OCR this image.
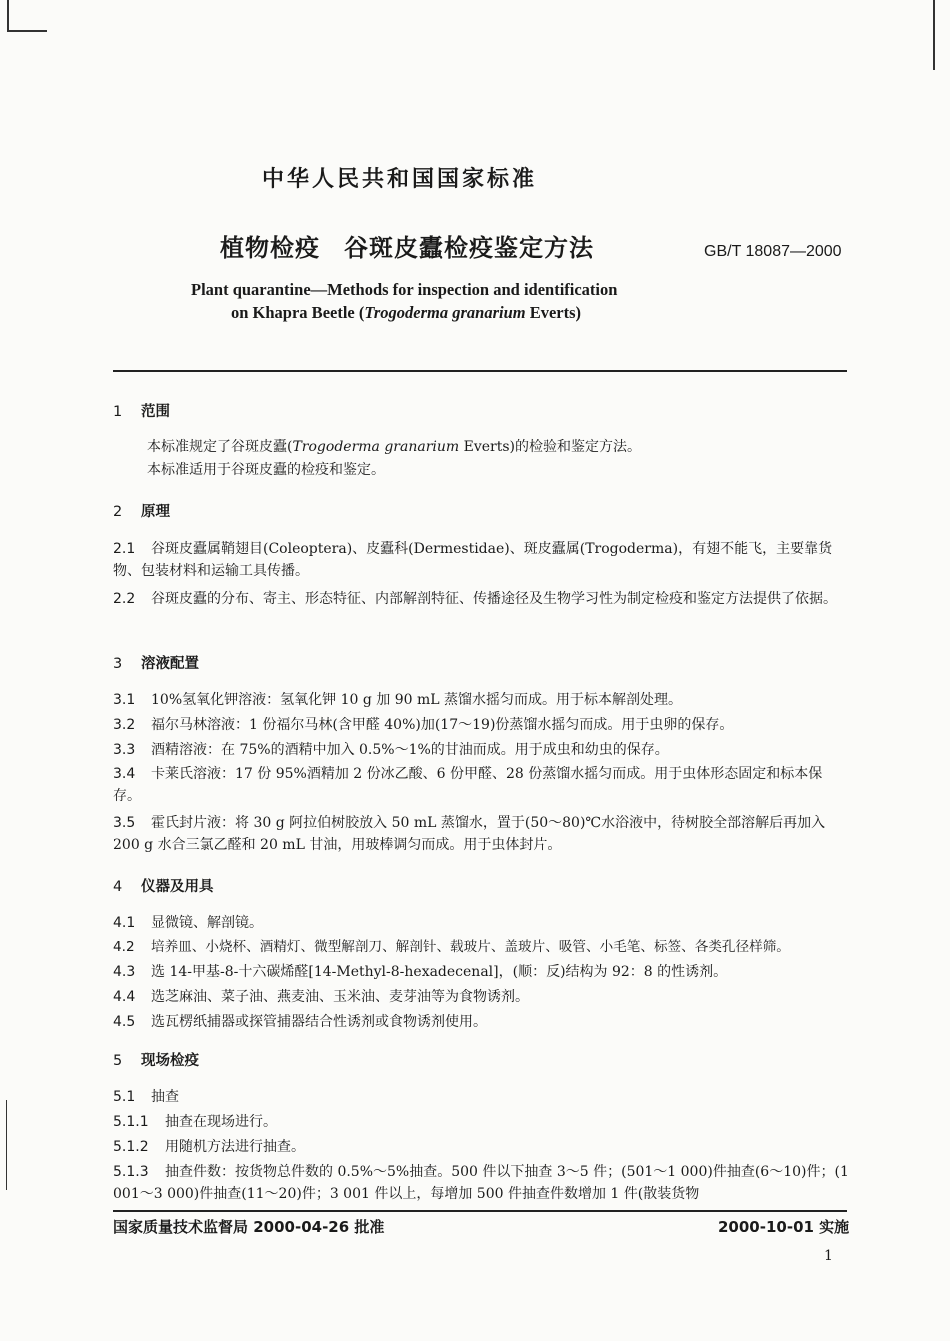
中华人民共和国国家标准
植物检疫 谷斑皮蠹检疫鉴定方法	GB/T 18087—2000
Plant quarantine—Methods for inspection and identification
on Khapra Beetle (Trogoderma granarium Everts)
1 范围
本标准规定了谷斑皮蠹(Trogoderma granarium Everts)的检验和鉴定方法。
本标准适用于谷斑皮蠹的检疫和鉴定。
2 原理
2.1 谷斑皮蠹属鞘翅目(Coleoptera)、皮蠹科(Dermestidae)、斑皮蠹属(Trogoderma)，有翅不能飞，主要靠货物、包装材料和运输工具传播。
2.2 谷斑皮蠹的分布、寄主、形态特征、内部解剖特征、传播途径及生物学习性为制定检疫和鉴定方法提供了依据。
3 溶液配置
3.1 10%氢氧化钾溶液：氢氧化钾 10 g 加 90 mL 蒸馏水摇匀而成。用于标本解剖处理。
3.2 福尔马林溶液：1 份福尔马林(含甲醛 40%)加(17～19)份蒸馏水摇匀而成。用于虫卵的保存。
3.3 酒精溶液：在 75%的酒精中加入 0.5%～1%的甘油而成。用于成虫和幼虫的保存。
3.4 卡莱氏溶液：17 份 95%酒精加 2 份冰乙酸、6 份甲醛、28 份蒸馏水摇匀而成。用于虫体形态固定和标本保存。
3.5 霍氏封片液：将 30 g 阿拉伯树胶放入 50 mL 蒸馏水，置于(50～80)℃水浴液中，待树胶全部溶解后再加入 200 g 水合三氯乙醛和 20 mL 甘油，用玻棒调匀而成。用于虫体封片。
4 仪器及用具
4.1 显微镜、解剖镜。
4.2 培养皿、小烧杯、酒精灯、微型解剖刀、解剖针、载玻片、盖玻片、吸管、小毛笔、标签、各类孔径样筛。
4.3 选 14-甲基-8-十六碳烯醛[14-Methyl-8-hexadecenal]，(顺：反)结构为 92：8 的性诱剂。
4.4 选芝麻油、菜子油、燕麦油、玉米油、麦芽油等为食物诱剂。
4.5 选瓦楞纸捕器或探管捕器结合性诱剂或食物诱剂使用。
5 现场检疫
5.1 抽查
5.1.1 抽查在现场进行。
5.1.2 用随机方法进行抽查。
5.1.3 抽查件数：按货物总件数的 0.5%～5%抽查。500 件以下抽查 3～5 件；(501～1 000)件抽查(6～10)件；(1 001～3 000)件抽查(11～20)件；3 001 件以上，每增加 500 件抽查件数增加 1 件(散装货物
国家质量技术监督局 2000-04-26 批准	2000-10-01 实施
1
